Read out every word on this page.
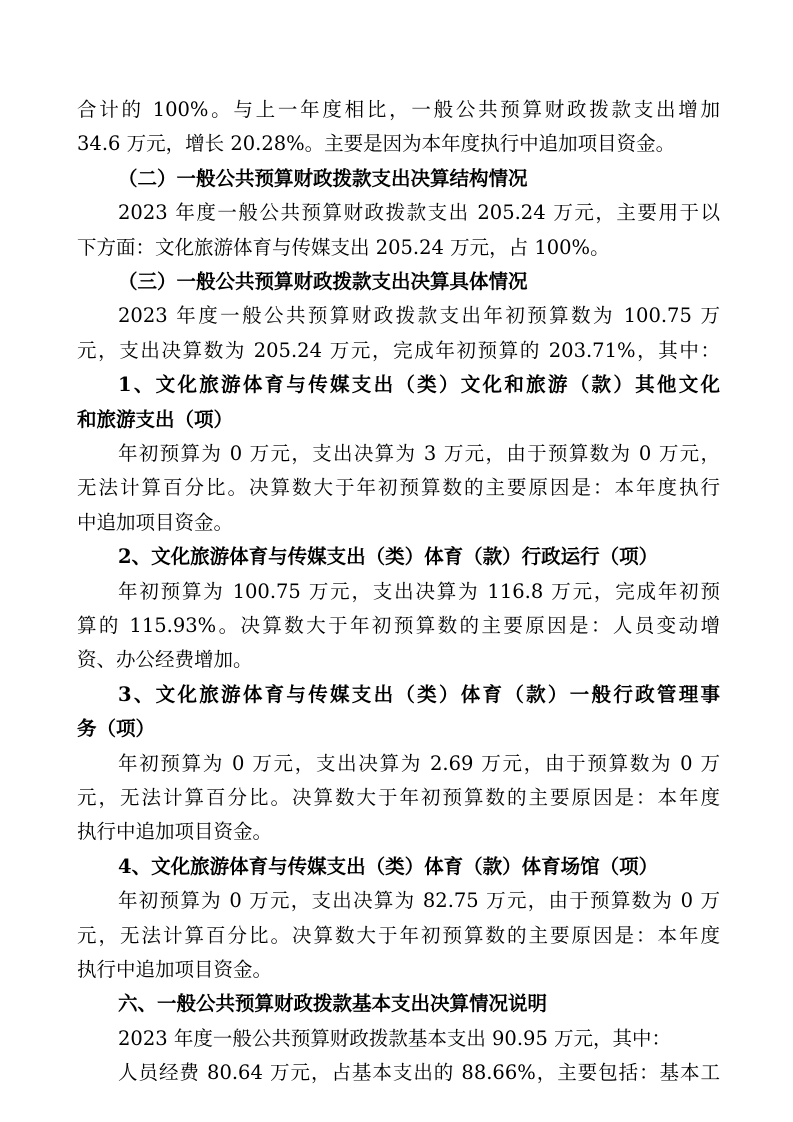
合计的 100%。与上一年度相比，一般公共预算财政拨款支出增加
34.6 万元，增长 20.28%。主要是因为本年度执行中追加项目资金。
（二）一般公共预算财政拨款支出决算结构情况
2023 年度一般公共预算财政拨款支出 205.24 万元，主要用于以
下方面：文化旅游体育与传媒支出 205.24 万元，占 100%。
（三）一般公共预算财政拨款支出决算具体情况
2023 年度一般公共预算财政拨款支出年初预算数为 100.75 万
元，支出决算数为 205.24 万元，完成年初预算的 203.71%，其中：
1、文化旅游体育与传媒支出（类）文化和旅游（款）其他文化
和旅游支出（项）
年初预算为 0 万元，支出决算为 3 万元，由于预算数为 0 万元，
无法计算百分比。决算数大于年初预算数的主要原因是：本年度执行
中追加项目资金。
2、文化旅游体育与传媒支出（类）体育（款）行政运行（项）
年初预算为 100.75 万元，支出决算为 116.8 万元，完成年初预
算的 115.93%。决算数大于年初预算数的主要原因是：人员变动增
资、办公经费增加。
3、文化旅游体育与传媒支出（类）体育（款）一般行政管理事
务（项）
年初预算为 0 万元，支出决算为 2.69 万元，由于预算数为 0 万
元，无法计算百分比。决算数大于年初预算数的主要原因是：本年度
执行中追加项目资金。
4、文化旅游体育与传媒支出（类）体育（款）体育场馆（项）
年初预算为 0 万元，支出决算为 82.75 万元，由于预算数为 0 万
元，无法计算百分比。决算数大于年初预算数的主要原因是：本年度
执行中追加项目资金。
六、一般公共预算财政拨款基本支出决算情况说明
2023 年度一般公共预算财政拨款基本支出 90.95 万元，其中：
人员经费 80.64 万元，占基本支出的 88.66%，主要包括：基本工
